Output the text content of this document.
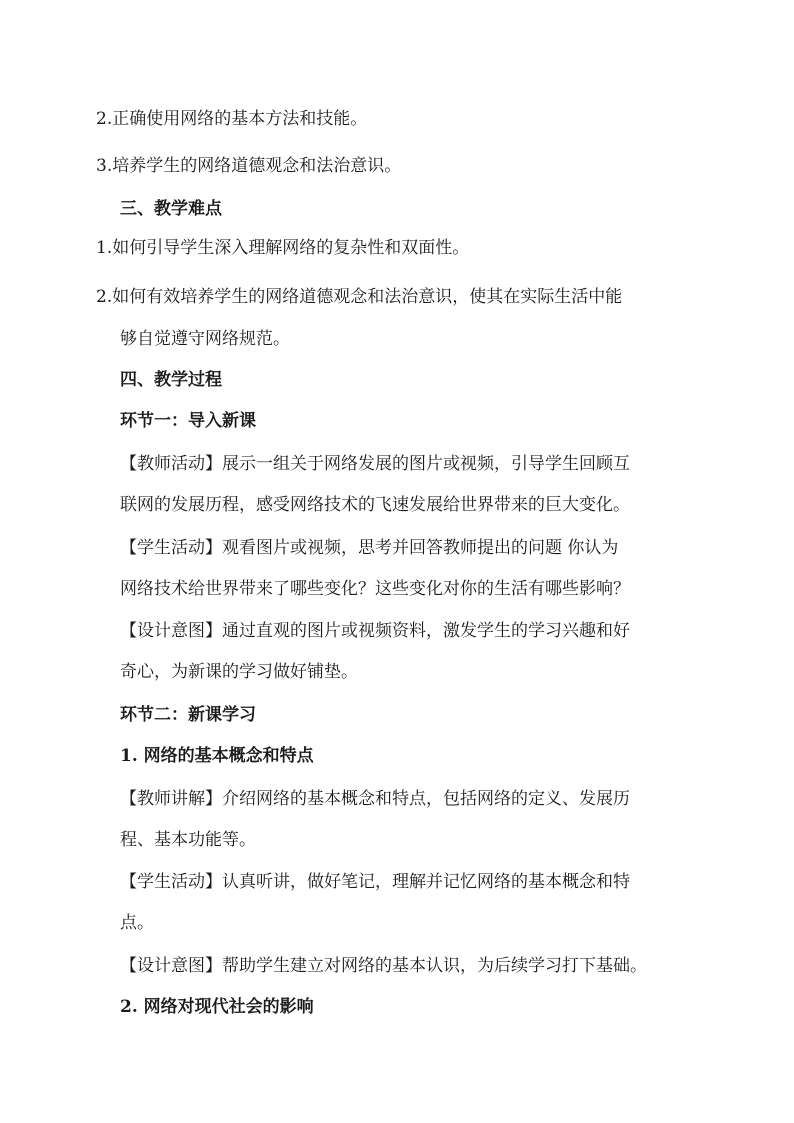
2.正确使用网络的基本方法和技能。
3.培养学生的网络道德观念和法治意识。
三、教学难点
1.如何引导学生深入理解网络的复杂性和双面性。
2.如何有效培养学生的网络道德观念和法治意识，使其在实际生活中能
够自觉遵守网络规范。
四、教学过程
环节一：导入新课
【教师活动】展示一组关于网络发展的图片或视频，引导学生回顾互
联网的发展历程，感受网络技术的飞速发展给世界带来的巨大变化。
【学生活动】观看图片或视频，思考并回答教师提出的问题 你认为
网络技术给世界带来了哪些变化？这些变化对你的生活有哪些影响？
【设计意图】通过直观的图片或视频资料，激发学生的学习兴趣和好
奇心，为新课的学习做好铺垫。
环节二：新课学习
1. 网络的基本概念和特点
【教师讲解】介绍网络的基本概念和特点，包括网络的定义、发展历
程、基本功能等。
【学生活动】认真听讲，做好笔记，理解并记忆网络的基本概念和特
点。
【设计意图】帮助学生建立对网络的基本认识，为后续学习打下基础。
2. 网络对现代社会的影响
